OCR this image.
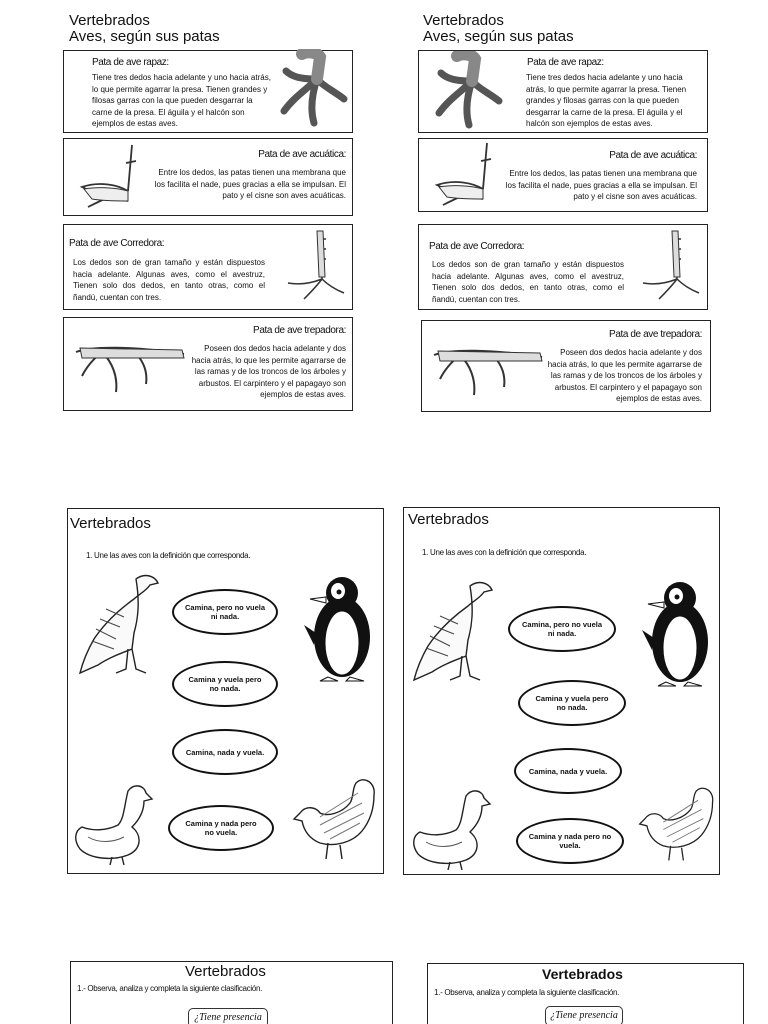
Vertebrados
Aves, según sus patas
Pata de ave rapaz:
Tiene tres dedos hacia adelante y uno hacia atrás, lo que permite agarrar la presa. Tienen grandes y filosas garras con la que pueden desgarrar la carne de la presa. El águila y el halcón son ejemplos de estas aves.
Pata de ave acuática:
Entre los dedos, las patas tienen una membrana que los facilita el nade, pues gracias a ella se impulsan. El pato y el cisne son aves acuáticas.
Pata de ave Corredora:
Los dedos son de gran tamaño y están dispuestos hacia adelante. Algunas aves, como el avestruz, Tienen solo dos dedos, en tanto otras, como el ñandú, cuentan con tres.
Pata de ave trepadora:
Poseen dos dedos hacia adelante y dos hacia atrás, lo que les permite agarrarse de las ramas y de los troncos de los árboles y arbustos. El carpintero y el papagayo son ejemplos de estas aves.
Vertebrados
Aves, según sus patas
Pata de ave rapaz:
Tiene tres dedos hacia adelante y uno hacia atrás, lo que permite agarrar la presa. Tienen grandes y filosas garras con la que pueden desgarrar la carne de la presa. El águila y el halcón son ejemplos de estas aves.
Pata de ave acuática:
Entre los dedos, las patas tienen una membrana que los facilita el nade, pues gracias a ella se impulsan. El pato y el cisne son aves acuáticas.
Pata de ave Corredora:
Los dedos son de gran tamaño y están dispuestos hacia adelante. Algunas aves, como el avestruz, Tienen solo dos dedos, en tanto otras, como el ñandú, cuentan con tres.
Pata de ave trepadora:
Poseen dos dedos hacia adelante y dos hacia atrás, lo que les permite agarrarse de las ramas y de los troncos de los árboles y arbustos. El carpintero y el papagayo son ejemplos de estas aves.
Vertebrados
1. Une las aves con la definición que corresponda.
Camina, pero no vuela ni nada.
Camina y vuela pero no nada.
Camina, nada y vuela.
Camina y nada pero no vuela.
Vertebrados
1. Une las aves con la definición que corresponda.
Camina, pero no vuela ni nada.
Camina y vuela pero no nada.
Camina, nada y vuela.
Camina y nada pero no vuela.
Vertebrados
1.- Observa, analiza y completa la siguiente clasificación.
¿Tiene presencia
Vertebrados
1.- Observa, analiza y completa la siguiente clasificación.
¿Tiene presencia
